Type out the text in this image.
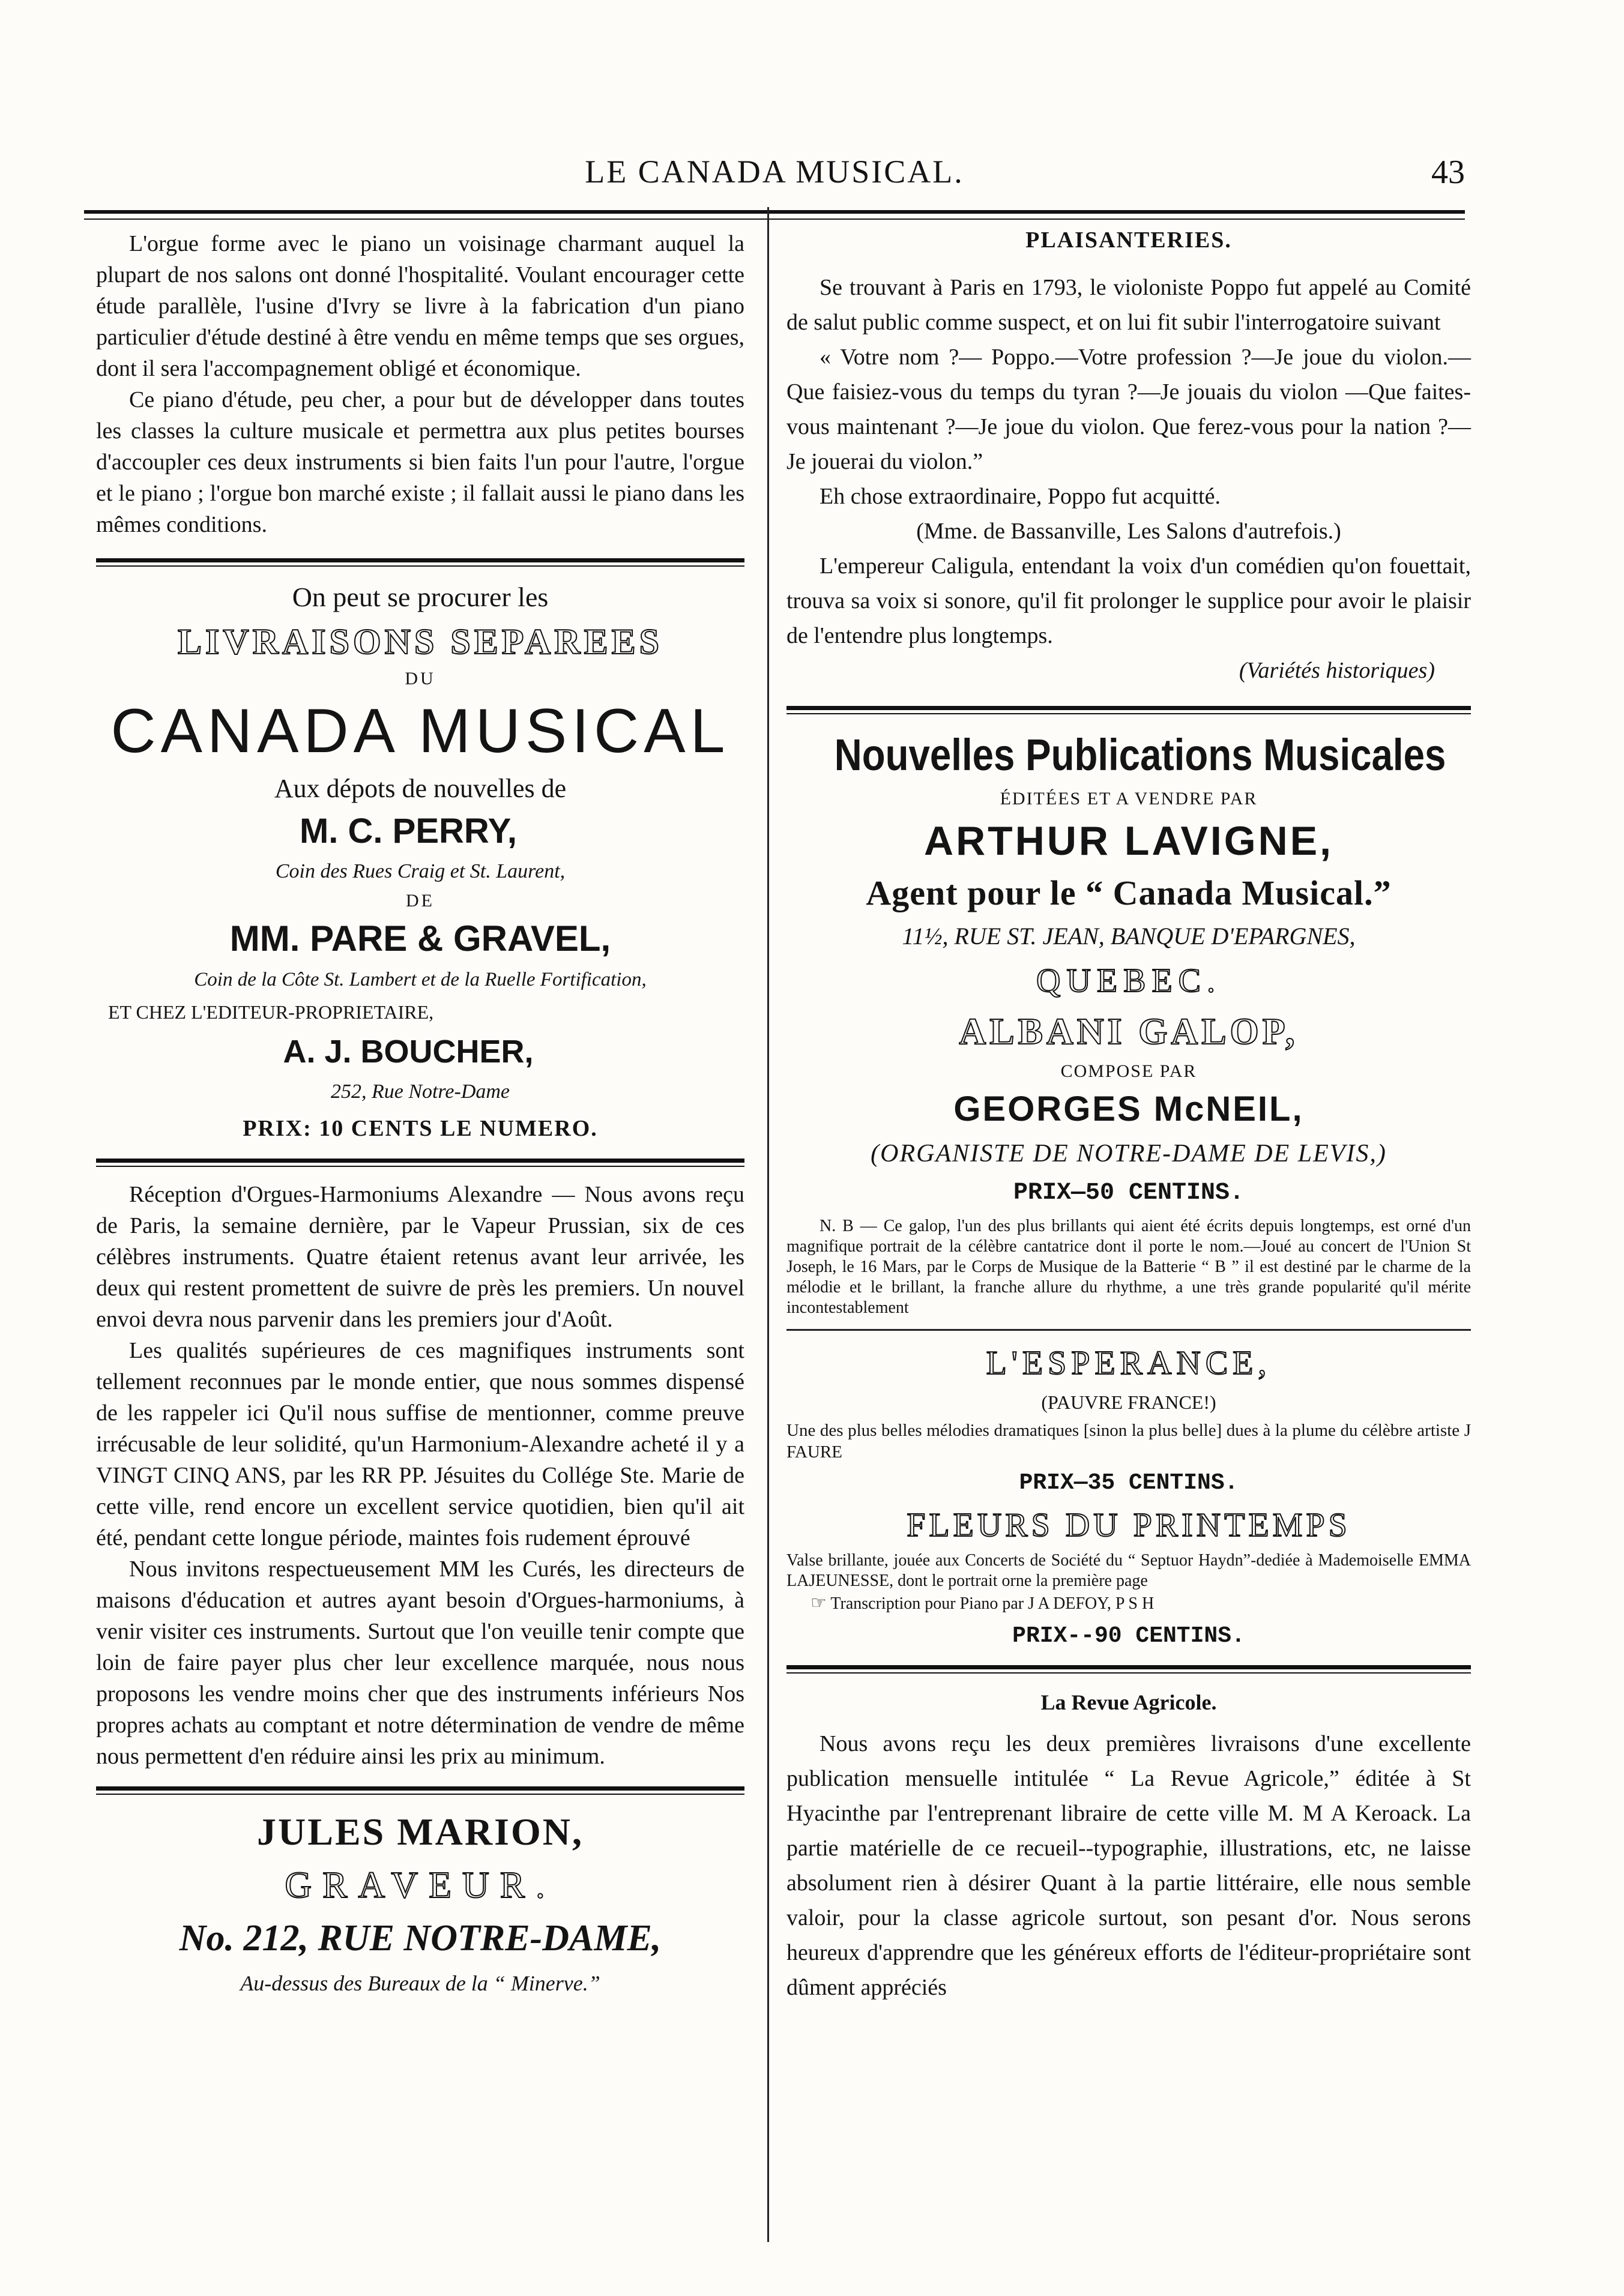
LE CANADA MUSICAL.	43

L'orgue forme avec le piano un voisinage charmant auquel la plupart de nos salons ont donné l'hospitalité. Voulant encourager cette étude parallèle, l'usine d'Ivry se livre à la fabrication d'un piano particulier d'étude destiné à être vendu en même temps que ses orgues, dont il sera l'accompagnement obligé et économique.

Ce piano d'étude, peu cher, a pour but de développer dans toutes les classes la culture musicale et permettra aux plus petites bourses d'accoupler ces deux instruments si bien faits l'un pour l'autre, l'orgue et le piano ; l'orgue bon marché existe ; il fallait aussi le piano dans les mêmes conditions.

On peut se procurer les
LIVRAISONS SEPAREES
DU
CANADA MUSICAL
Aux dépots de nouvelles de
M. C. PERRY,
Coin des Rues Craig et St. Laurent,
DE
MM. PARE & GRAVEL,
Coin de la Côte St. Lambert et de la Ruelle Fortification,
ET CHEZ L'EDITEUR-PROPRIETAIRE,
A. J. BOUCHER,
252, Rue Notre-Dame
PRIX: 10 CENTS LE NUMERO.

Réception d'Orgues-Harmoniums Alexandre — Nous avons reçu de Paris, la semaine dernière, par le Vapeur Prussian, six de ces célèbres instruments. Quatre étaient retenus avant leur arrivée, les deux qui restent promettent de suivre de près les premiers. Un nouvel envoi devra nous parvenir dans les premiers jour d'Août.

Les qualités supérieures de ces magnifiques instruments sont tellement reconnues par le monde entier, que nous sommes dispensé de les rappeler ici Qu'il nous suffise de mentionner, comme preuve irrécusable de leur solidité, qu'un Harmonium-Alexandre acheté il y a VINGT CINQ ANS, par les RR PP. Jésuites du Collége Ste. Marie de cette ville, rend encore un excellent service quotidien, bien qu'il ait été, pendant cette longue période, maintes fois rudement éprouvé

Nous invitons respectueusement MM les Curés, les directeurs de maisons d'éducation et autres ayant besoin d'Orgues-harmoniums, à venir visiter ces instruments. Surtout que l'on veuille tenir compte que loin de faire payer plus cher leur excellence marquée, nous nous proposons les vendre moins cher que des instruments inférieurs Nos propres achats au comptant et notre détermination de vendre de même nous permettent d'en réduire ainsi les prix au minimum.

JULES MARION,
GRAVEUR.
No. 212, RUE NOTRE-DAME,
Au-dessus des Bureaux de la “ Minerve.”
PLAISANTERIES.

Se trouvant à Paris en 1793, le violoniste Poppo fut appelé au Comité de salut public comme suspect, et on lui fit subir l'interrogatoire suivant

« Votre nom ?— Poppo.—Votre profession ?—Je joue du violon.—Que faisiez-vous du temps du tyran ?—Je jouais du violon —Que faites-vous maintenant ?—Je joue du violon. Que ferez-vous pour la nation ?—Je jouerai du violon.”

Eh chose extraordinaire, Poppo fut acquitté.

(Mme. de Bassanville, Les Salons d'autrefois.)

L'empereur Caligula, entendant la voix d'un comédien qu'on fouettait, trouva sa voix si sonore, qu'il fit prolonger le supplice pour avoir le plaisir de l'entendre plus longtemps.

(Variétés historiques)

Nouvelles Publications Musicales
ÉDITÉES ET A VENDRE PAR
ARTHUR LAVIGNE,
Agent pour le “ Canada Musical.”
11½, RUE ST. JEAN, BANQUE D'EPARGNES,
QUEBEC.
ALBANI GALOP,
COMPOSE PAR
GEORGES McNEIL,
(ORGANISTE DE NOTRE-DAME DE LEVIS,)
PRIX—50 CENTINS.

N. B — Ce galop, l'un des plus brillants qui aient été écrits depuis longtemps, est orné d'un magnifique portrait de la célèbre cantatrice dont il porte le nom.—Joué au concert de l'Union St Joseph, le 16 Mars, par le Corps de Musique de la Batterie “ B ” il est destiné par le charme de la mélodie et le brillant, la franche allure du rhythme, a une très grande popularité qu'il mérite incontestablement

L'ESPERANCE,
(PAUVRE FRANCE!)

Une des plus belles mélodies dramatiques [sinon la plus belle] dues à la plume du célèbre artiste J FAURE

PRIX—35 CENTINS.
FLEURS DU PRINTEMPS

Valse brillante, jouée aux Concerts de Société du “ Septuor Haydn”-dediée à Mademoiselle EMMA LAJEUNESSE, dont le portrait orne la première page

☞ Transcription pour Piano par J A DEFOY, P S H
PRIX--90 CENTINS.
La Revue Agricole.

Nous avons reçu les deux premières livraisons d'une excellente publication mensuelle intitulée “ La Revue Agricole,” éditée à St Hyacinthe par l'entreprenant libraire de cette ville M. M A Keroack. La partie matérielle de ce recueil--typographie, illustrations, etc, ne laisse absolument rien à désirer Quant à la partie littéraire, elle nous semble valoir, pour la classe agricole surtout, son pesant d'or. Nous serons heureux d'apprendre que les généreux efforts de l'éditeur-propriétaire sont dûment appréciés
